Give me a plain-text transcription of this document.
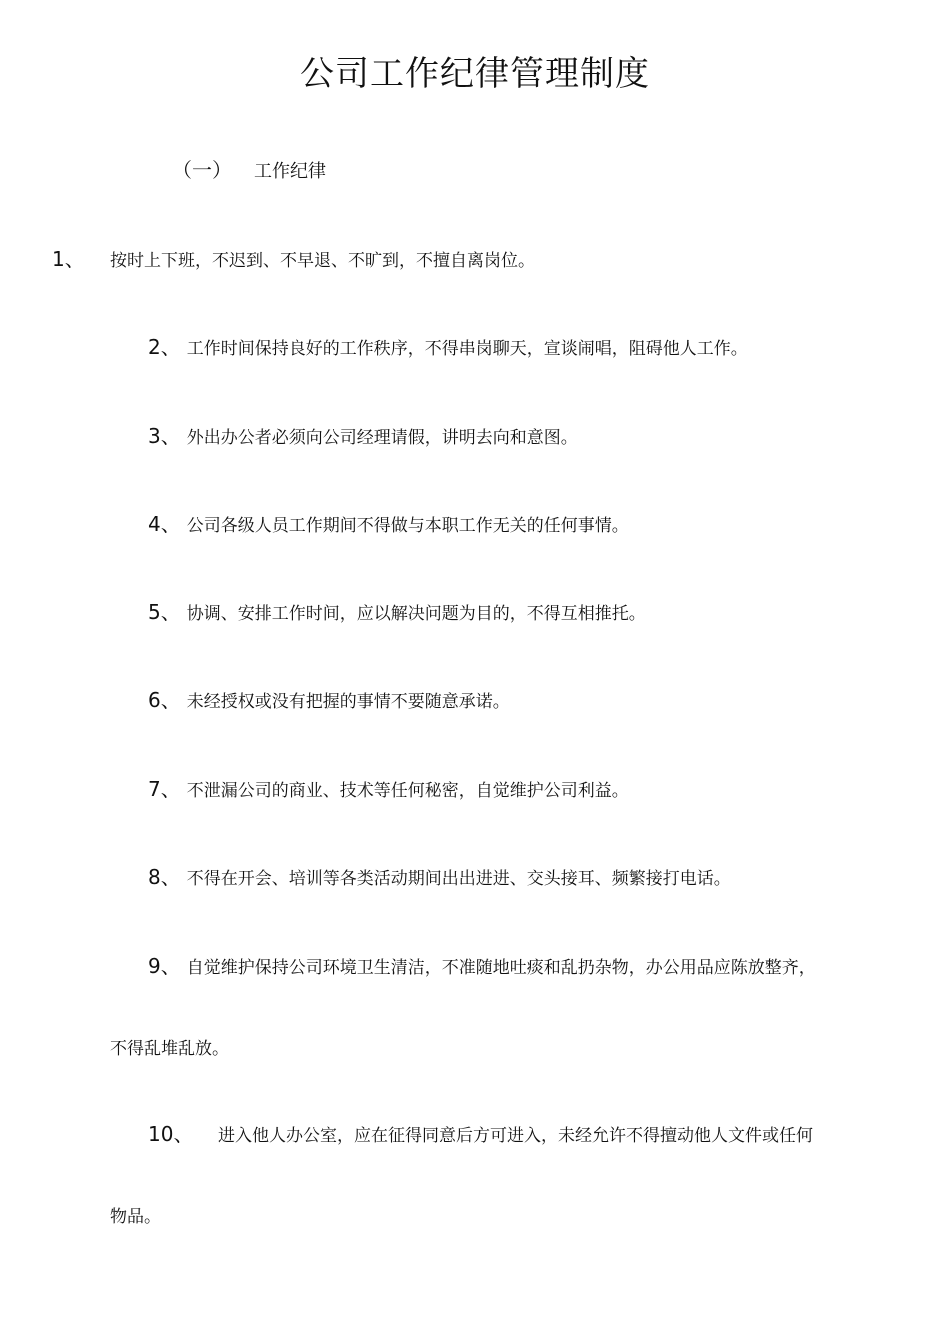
公司工作纪律管理制度
（一） 工作纪律
1、 按时上下班，不迟到、不早退、不旷到，不擅自离岗位。
2、 工作时间保持良好的工作秩序，不得串岗聊天，宣谈闹唱，阻碍他人工作。
3、 外出办公者必须向公司经理请假，讲明去向和意图。
4、 公司各级人员工作期间不得做与本职工作无关的任何事情。
5、 协调、安排工作时间，应以解决问题为目的，不得互相推托。
6、 未经授权或没有把握的事情不要随意承诺。
7、 不泄漏公司的商业、技术等任何秘密，自觉维护公司利益。
8、 不得在开会、培训等各类活动期间出出进进、交头接耳、频繁接打电话。
9、 自觉维护保持公司环境卫生清洁，不准随地吐痰和乱扔杂物，办公用品应陈放整齐，
不得乱堆乱放。
10、 进入他人办公室，应在征得同意后方可进入，未经允许不得擅动他人文件或任何
物品。
